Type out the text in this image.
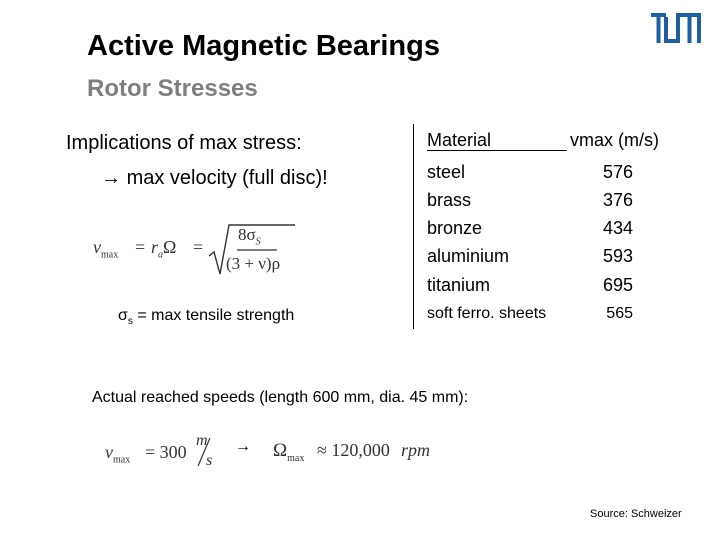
Active Magnetic Bearings
Rotor Stresses
Implications of max stress:
→ max velocity (full disc)!
$v_{max} = r_a\Omega$ =
$8\sigma_S$
(3 + ν)ρ
$\sigma_s = \max$ tensile strength
Material	vmax (m/s)
steel	576
brass	376
bronze	434
aluminium	593
titanium	695
soft ferro. sheets	565
Actual reached speeds (length 600 mm, dia. 45 mm):
$v_{max} = 300$
m
s
→ $\Omega_{max} \approx 120,000$ rpm
Source: Schweizer
